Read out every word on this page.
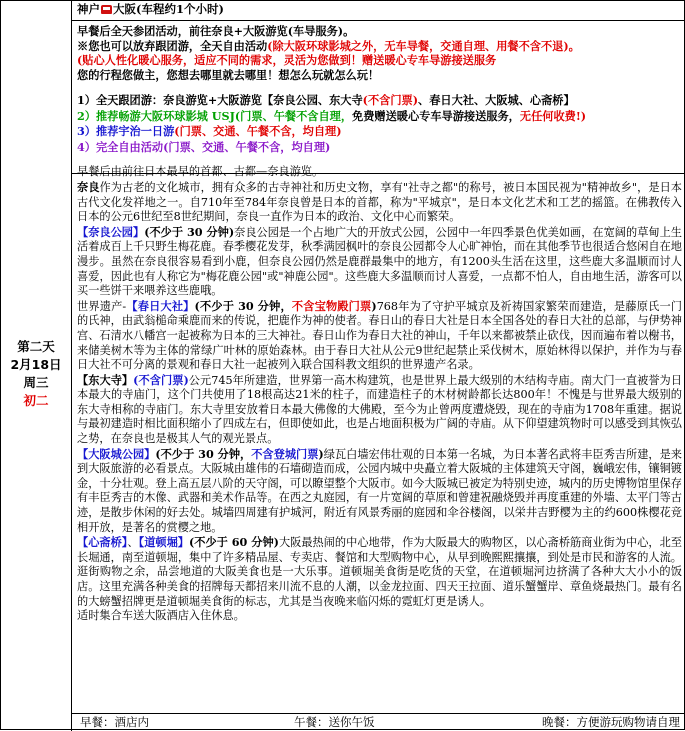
第二天
2月18日
周三
初二

神户 大阪(车程约1个小时)

早餐后全天参团活动，前往奈良+大阪游览(车导服务)。

※您也可以放弃跟团游，全天自由活动(除大阪环球影城之外，无车导餐，交通自理、用餐不含不退)。

(贴心人性化暖心服务，适应不同的需求，灵活为您做到！赠送暖心专车导游接送服务

您的行程您做主，您想去哪里就去哪里！想怎么玩就怎么玩！

1）全天跟团游：奈良游览+大阪游览【奈良公园、东大寺(不含门票)、春日大社、大阪城、心斋桥】

2）推荐畅游大阪环球影城 USJ(门票、午餐不含自理，免费赠送暖心专车导游接送服务，无任何收费!)

3）推荐宇治一日游(门票、交通、午餐不含，均自理)

4）完全自由活动(门票、交通、午餐不含，均自理)

早餐后由前往日本最早的首都、古都—奈良游览。

奈良作为古老的文化城市，拥有众多的古寺神社和历史文物，享有"社寺之都"的称号，被日本国民视为"精神故乡"，是日本古代文化发祥地之一。自710年至784年奈良曾是日本的首都，称为"平城京"，是日本文化艺术和工艺的摇篮。在佛教传入日本的公元6世纪至8世纪期间，奈良一直作为日本的政治、文化中心而繁荣。

【奈良公园】(不少于 30 分钟)奈良公园是一个占地广大的开放式公园，公园中一年四季景色优美如画，在宽阔的草甸上生活着成百上千只野生梅花鹿。春季樱花发芽，秋季满园枫叶的奈良公园都令人心旷神怡，而在其他季节也很适合悠闲自在地漫步。虽然在奈良很容易看到小鹿，但奈良公园仍然是鹿群最集中的地方，有1200头生活在这里，这些鹿大多温顺而讨人喜爱，因此也有人称它为"梅花鹿公园"或"神鹿公园"。这些鹿大多温顺而讨人喜爱，一点都不怕人，自由地生活，游客可以买一些饼干来喂养这些鹿哦。

世界遗产-【春日大社】(不少于 30 分钟，不含宝物殿门票)768年为了守护平城京及祈祷国家繁荣而建造，是藤原氏一门的氏神，由武翁槌命乘鹿而来的传说，把鹿作为神的使者。春日山的春日大社是日本全国各处的春日大社的总部，与伊势神宫、石清水八幡宫一起被称为日本的三大神社。春日山作为春日大社的神山，千年以来都被禁止砍伐，因而遍布着以榭书，来储美树木等为主体的常绿广叶林的原始森林。由于春日大社从公元9世纪起禁止采伐树木，原始林得以保护，并作为与春日大社不可分离的景观和春日大社一起被列入联合国科教文组织的世界遗产名录。

【东大寺】(不含门票)公元745年所建造，世界第一高木构建筑，也是世界上最大级别的木结构寺庙。南大门一直被誉为日本最大的寺庙门，这个门共使用了18根高达21米的柱子，而建造柱子的木材树龄都长达800年！不愧是与世界最大级别的东大寺相称的寺庙门。东大寺里安放着日本最大佛像的大佛殿，至今为止曾两度遭烧毁，现在的寺庙为1708年重建。据说与最初建造时相比面积缩小了四成左右，但即使如此，也是占地面积极为广阔的寺庙。从下仰望建筑物时可以感受到其恢弘之势，在奈良也是极其人气的观光景点。

【大阪城公园】(不少于 30 分钟，不含登城门票)绿瓦白墙宏伟壮观的日本第一名城，为日本著名武将丰臣秀吉所建，是来到大阪旅游的必看景点。大阪城由雄伟的石墙砌造而成，公园内城中央矗立着大阪城的主体建筑天守阁，巍峨宏伟，镶铜镀金，十分壮观。登上高五层八阶的天守阁，可以瞭望整个大阪市。如今大阪城已被定为特别史迹，城内的历史博物馆里保存有丰臣秀吉的木像、武器和美术作品等。在西之丸庭园，有一片宽阔的草原和曾建祝融烧毁并再度重建的外墙、太平门等古迹，是散步休闲的好去处。城墙四周建有护城河，附近有风景秀丽的庭园和伞谷楼阁，以栄井吉野樱为主的约600株樱花竞相开放，是著名的赏樱之地。

【心斋桥】、【道顿堀】(不少于 60 分钟)大阪最热闹的中心地带，作为大阪最大的购物区，以心斋桥筋商业街为中心，北至长堀通，南至道顿堀，集中了许多精品屋、专卖店、餐馆和大型购物中心，从早到晚熙熙攘攘，到处是市民和游客的人流。逛街购物之余，品尝地道的大阪美食也是一大乐事。道顿堀美食街是吃货的天堂，在道顿堀河边挤满了各种大大小小的饭店。这里充满各种美食的招牌每天都招来川流不息的人潮，以金龙拉面、四天王拉面、道乐蟹蟹岸、章鱼烧最热门。最有名的大螃蟹招牌更是道顿堀美食街的标志，尤其是当夜晚来临闪烁的霓虹灯更是诱人。

适时集合车送大阪酒店入住休息。

早餐：酒店内	午餐：送你午饭	晚餐：方便游玩购物请自理
